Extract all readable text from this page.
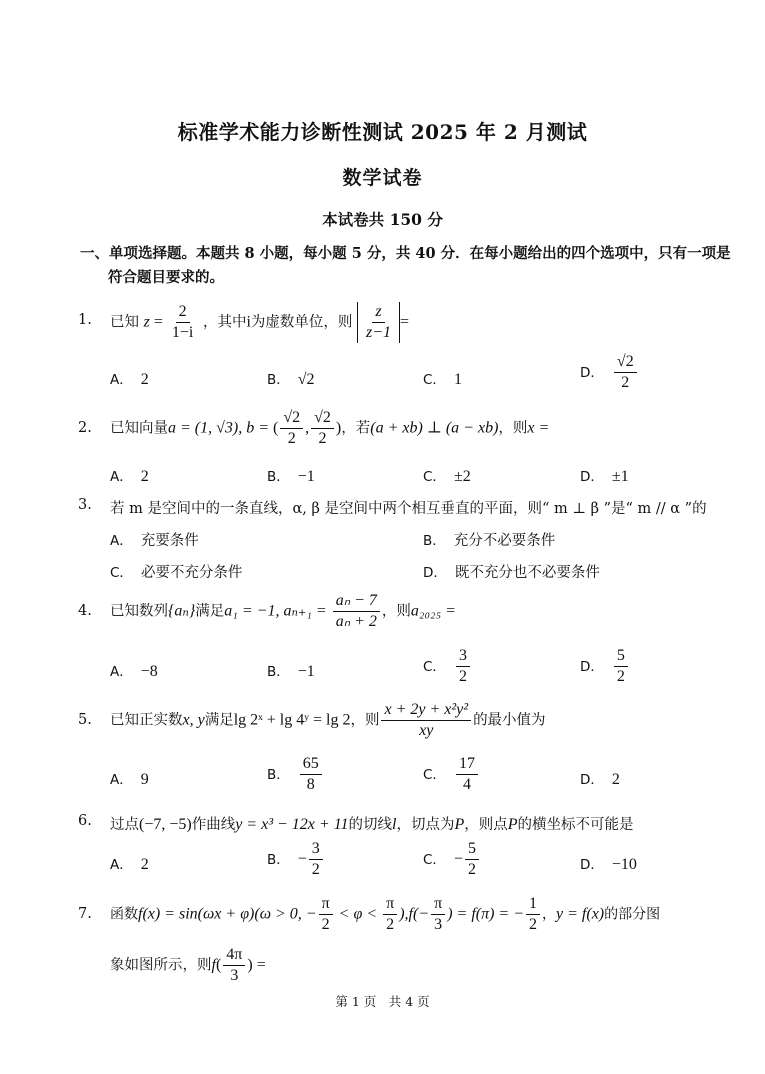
标准学术能力诊断性测试 2025 年 2 月测试
数学试卷
本试卷共 150 分
一、单项选择题。本题共 8 小题，每小题 5 分，共 40 分．在每小题给出的四个选项中，只有一项是
符合题目要求的。
1.	已知 $z = \frac{2}{1-i}$ ，其中i为虚数单位，则 $\frac{z}{z-1}$ =
A． 2	B． √2	C． 1	D． $\frac{√2}{2}$
2.	已知向量a = (1, √3), b = ( $\frac{√2}{2}$ , $\frac{√2}{2}$ )，若(a + xb) ⊥ (a − xb)，则x =
A． 2	B． −1	C． ±2	D． ±1
3.	若 m 是空间中的一条直线，α, β 是空间中两个相互垂直的平面，则“ m ⊥ β ”是“ m // α ”的
A． 充要条件	B． 充分不必要条件
C． 必要不充分条件	D． 既不充分也不必要条件
4.	已知数列{aₙ}满足a₁ = −1, $a_{n+1} = \frac{\text{aₙ − 7}}{\text{aₙ + 2}}$ ，则a₂₀₂₅ =
A． −8	B． −1	C． $\frac{3}{2}$	D． $\frac{5}{2}$
5.	已知正实数x, y满足lg 2ˣ + lg 4ʸ = lg 2，则 $\frac{\text{x + 2y + x²y²}}{xy}$ 的最小值为
A． 9	B． $\frac{65}{8}$	C． $\frac{17}{4}$	D． 2
6.	过点(−7, −5)作曲线y = x³ − 12x + 11的切线l，切点为P，则点P的横坐标不可能是
A． 2	B． − $\frac{3}{2}$	C． − $\frac{5}{2}$	D． −10
7.	函数f(x) = sin(ωx + φ)(ω > 0, − $\frac{\pi}{2} < \varphi < \frac{\pi}{2} ),f(- \frac{\pi}{3}$ ) = f(π) = − $\frac{1}{2}$ ，y = f(x)的部分图
象如图所示，则$f( \frac{4\pi}{3}$ ) =
第 1 页　共 4 页
